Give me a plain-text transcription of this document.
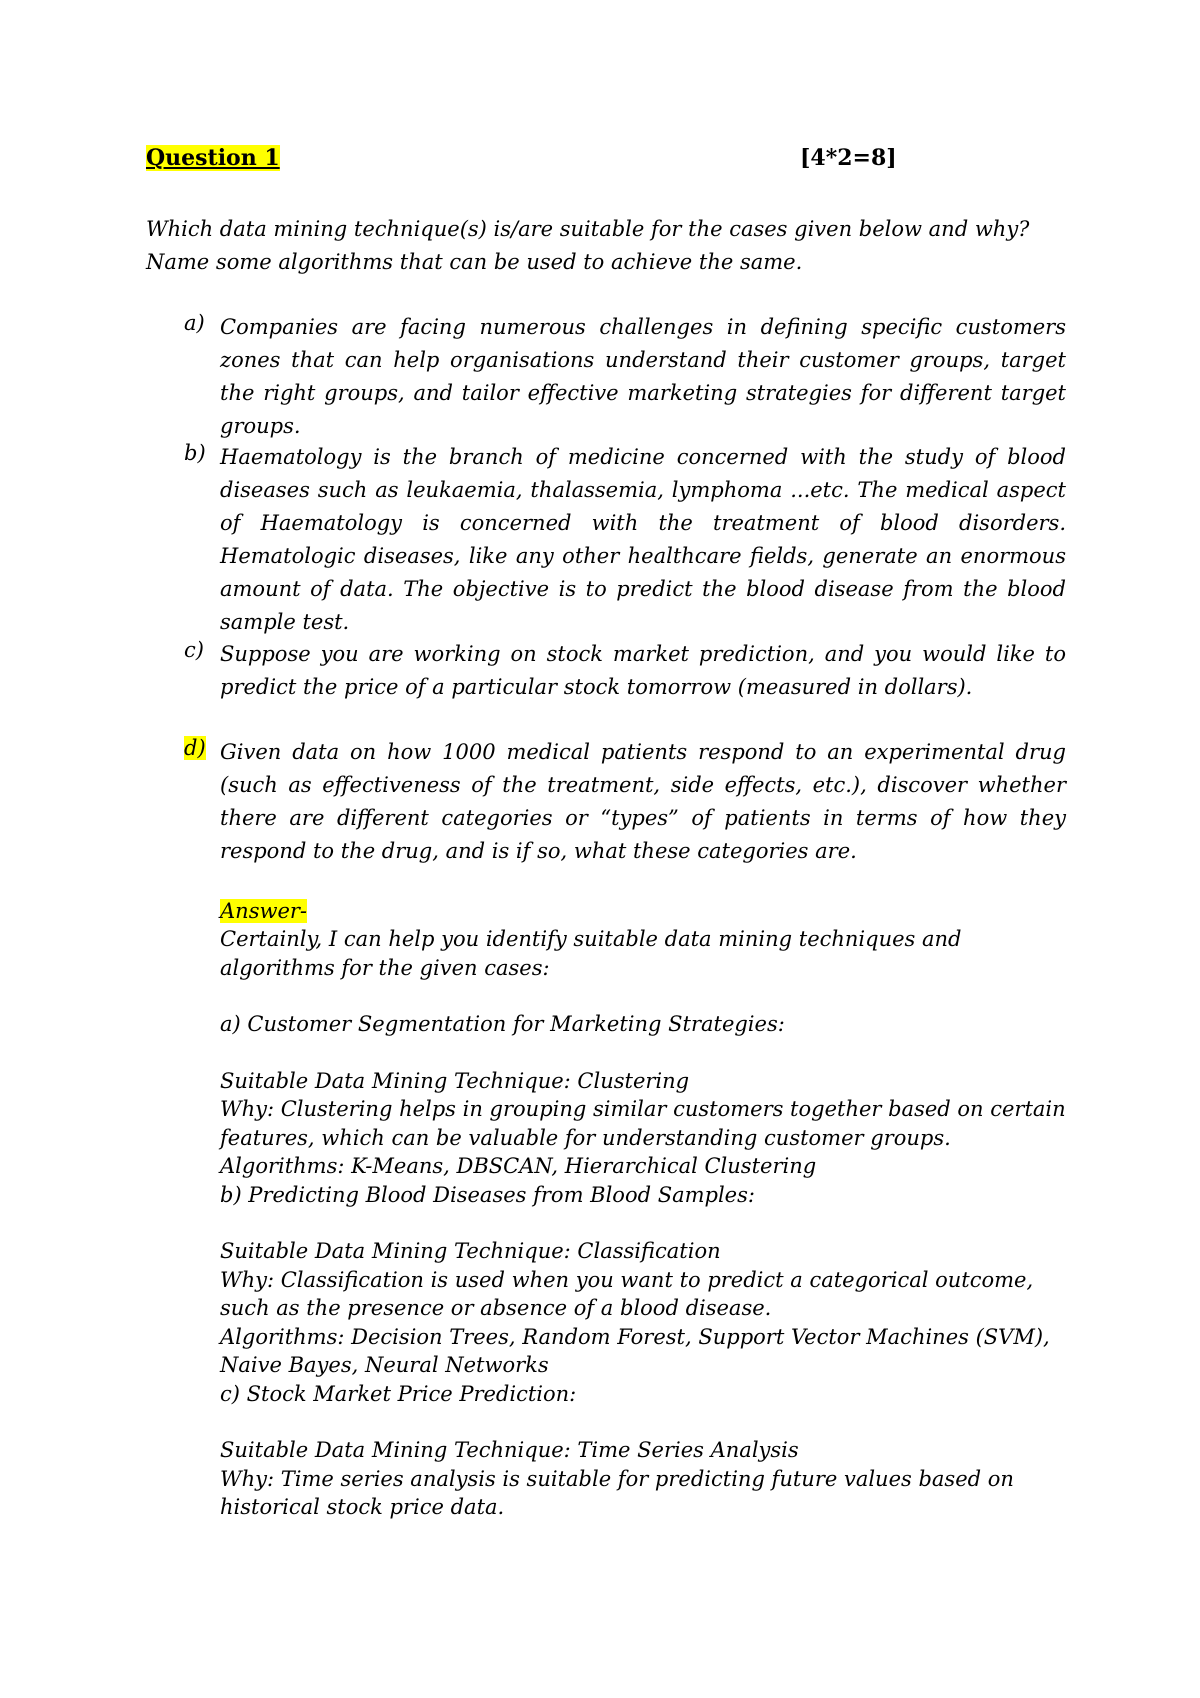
Question 1	[4*2=8]
Which data mining technique(s) is/are suitable for the cases given below and why? Name some algorithms that can be used to achieve the same.
a) Companies are facing numerous challenges in defining specific customers zones that can help organisations understand their customer groups, target the right groups, and tailor effective marketing strategies for different target groups.
b) Haematology is the branch of medicine concerned with the study of blood diseases such as leukaemia, thalassemia, lymphoma ...etc. The medical aspect of Haematology is concerned with the treatment of blood disorders. Hematologic diseases, like any other healthcare fields, generate an enormous amount of data. The objective is to predict the blood disease from the blood sample test.
c) Suppose you are working on stock market prediction, and you would like to predict the price of a particular stock tomorrow (measured in dollars).
d) Given data on how 1000 medical patients respond to an experimental drug (such as effectiveness of the treatment, side effects, etc.), discover whether there are different categories or “types” of patients in terms of how they respond to the drug, and is if so, what these categories are.
Answer-

Certainly, I can help you identify suitable data mining techniques and algorithms for the given cases:

a) Customer Segmentation for Marketing Strategies:

Suitable Data Mining Technique: Clustering

Why: Clustering helps in grouping similar customers together based on certain features, which can be valuable for understanding customer groups.

Algorithms: K-Means, DBSCAN, Hierarchical Clustering

b) Predicting Blood Diseases from Blood Samples:

Suitable Data Mining Technique: Classification

Why: Classification is used when you want to predict a categorical outcome, such as the presence or absence of a blood disease.

Algorithms: Decision Trees, Random Forest, Support Vector Machines (SVM), Naive Bayes, Neural Networks

c) Stock Market Price Prediction:

Suitable Data Mining Technique: Time Series Analysis

Why: Time series analysis is suitable for predicting future values based on historical stock price data.
